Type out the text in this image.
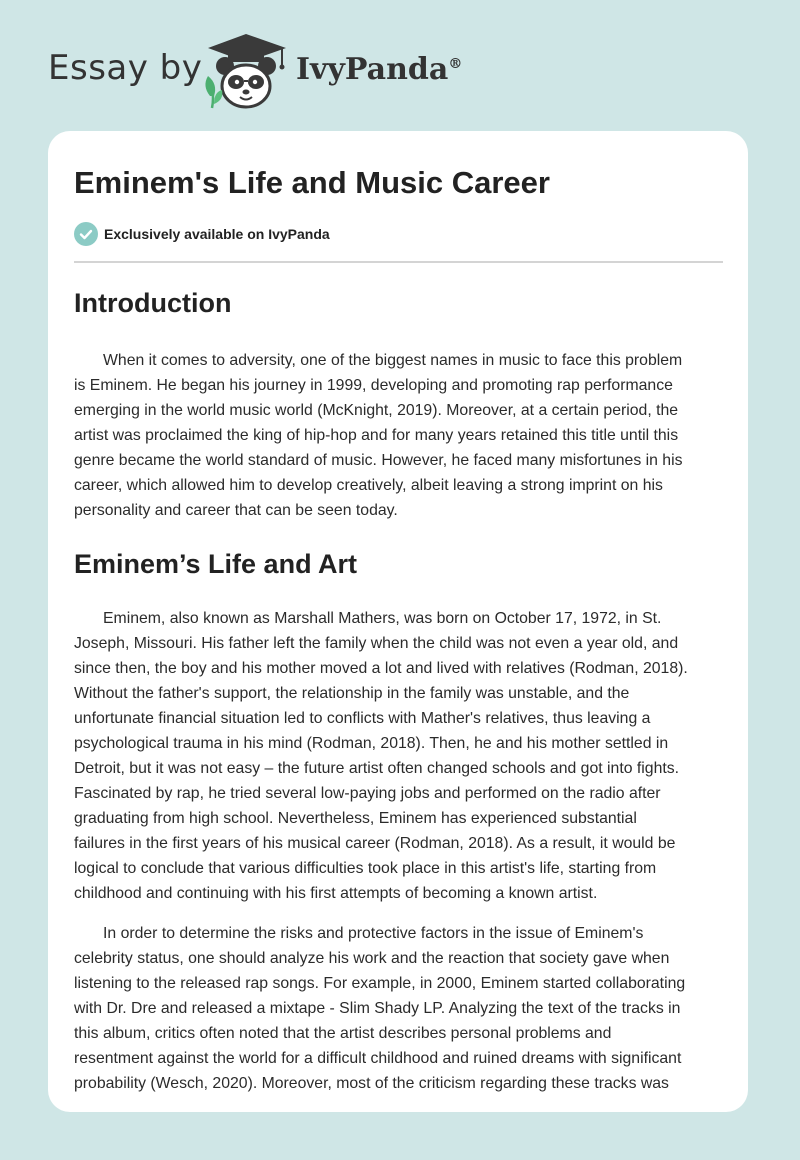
Essay by	IvyPanda®
Eminem's Life and Music Career
Exclusively available on IvyPanda
Introduction

When it comes to adversity, one of the biggest names in music to face this problem
is Eminem. He began his journey in 1999, developing and promoting rap performance
emerging in the world music world (McKnight, 2019). Moreover, at a certain period, the
artist was proclaimed the king of hip-hop and for many years retained this title until this
genre became the world standard of music. However, he faced many misfortunes in his
career, which allowed him to develop creatively, albeit leaving a strong imprint on his
personality and career that can be seen today.

Eminem’s Life and Art

Eminem, also known as Marshall Mathers, was born on October 17, 1972, in St.
Joseph, Missouri. His father left the family when the child was not even a year old, and
since then, the boy and his mother moved a lot and lived with relatives (Rodman, 2018).
Without the father's support, the relationship in the family was unstable, and the
unfortunate financial situation led to conflicts with Mather's relatives, thus leaving a
psychological trauma in his mind (Rodman, 2018). Then, he and his mother settled in
Detroit, but it was not easy – the future artist often changed schools and got into fights.
Fascinated by rap, he tried several low-paying jobs and performed on the radio after
graduating from high school. Nevertheless, Eminem has experienced substantial
failures in the first years of his musical career (Rodman, 2018). As a result, it would be
logical to conclude that various difficulties took place in this artist's life, starting from
childhood and continuing with his first attempts of becoming a known artist.

In order to determine the risks and protective factors in the issue of Eminem's
celebrity status, one should analyze his work and the reaction that society gave when
listening to the released rap songs. For example, in 2000, Eminem started collaborating
with Dr. Dre and released a mixtape - Slim Shady LP. Analyzing the text of the tracks in
this album, critics often noted that the artist describes personal problems and
resentment against the world for a difficult childhood and ruined dreams with significant
probability (Wesch, 2020). Moreover, most of the criticism regarding these tracks was
